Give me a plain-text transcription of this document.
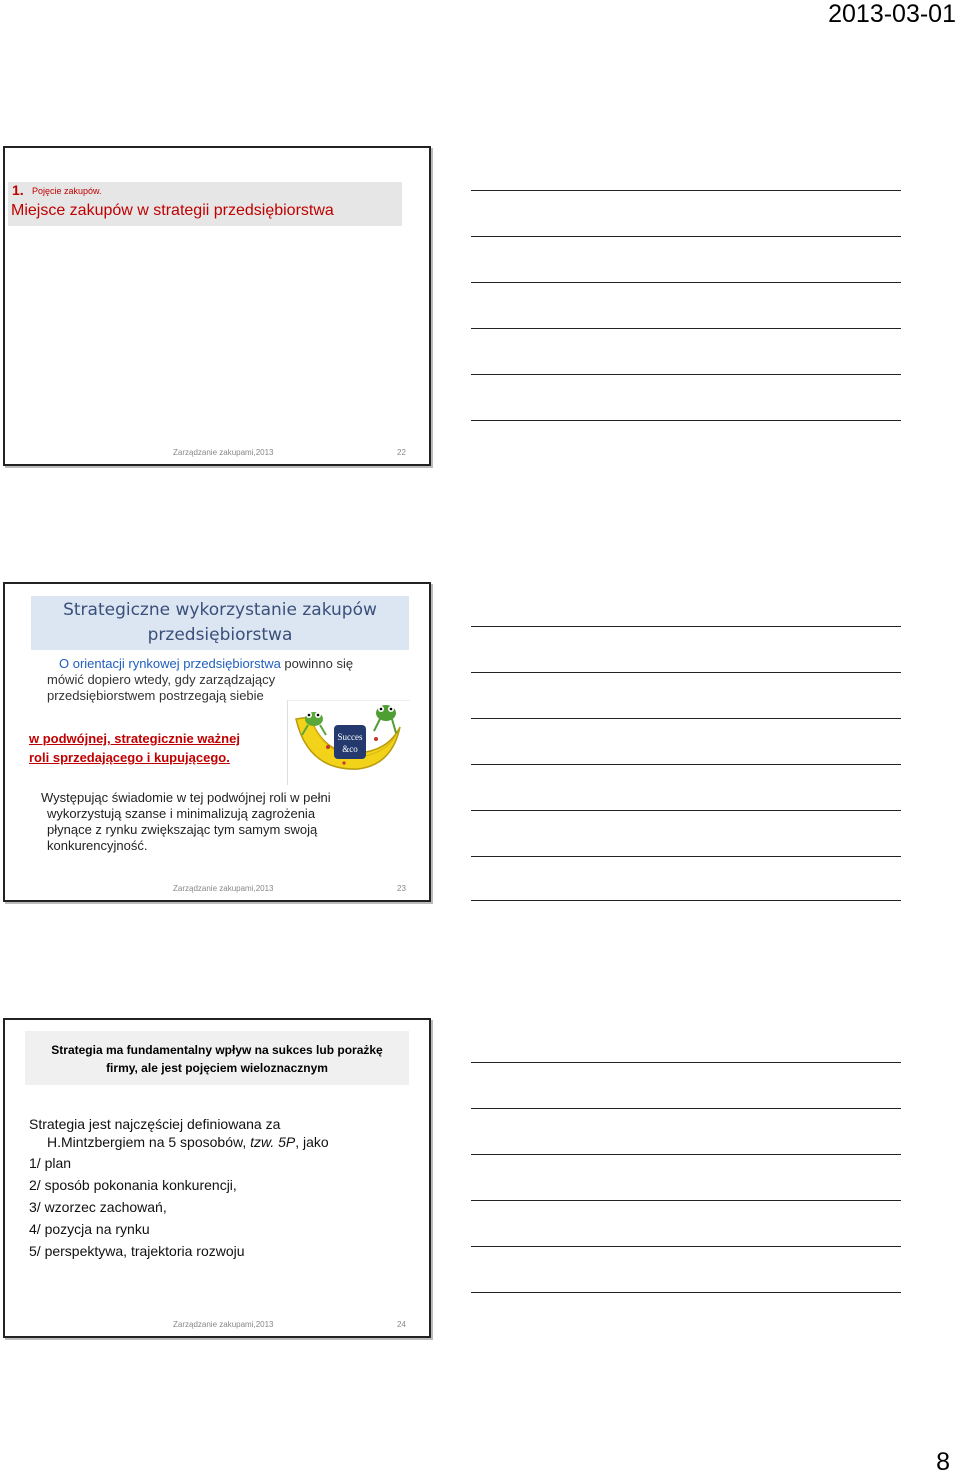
2013-03-01
1. Pojęcie zakupów.
Miejsce zakupów w strategii przedsiębiorstwa
Zarządzanie zakupami,2013	22
Strategiczne wykorzystanie zakupów
przedsiębiorstwa
O orientacji rynkowej przedsiębiorstwa powinno się
mówić dopiero wtedy, gdy zarządzający
przedsiębiorstwem postrzegają siebie
w podwójnej, strategicznie ważnej
roli sprzedającego i kupującego.
Succes
&co
Występując świadomie w tej podwójnej roli w pełni
wykorzystują szanse i minimalizują zagrożenia
płynące z rynku zwiększając tym samym swoją
konkurencyjność.
Zarządzanie zakupami,2013	23
Strategia ma fundamentalny wpływ na sukces lub porażkę
firmy, ale jest pojęciem wieloznacznym
Strategia jest najczęściej definiowana za
H.Mintzbergiem na 5 sposobów, tzw. 5P, jako
1/ plan
2/ sposób pokonania konkurencji,
3/ wzorzec zachowań,
4/ pozycja na rynku
5/ perspektywa, trajektoria rozwoju
Zarządzanie zakupami,2013	24
8
